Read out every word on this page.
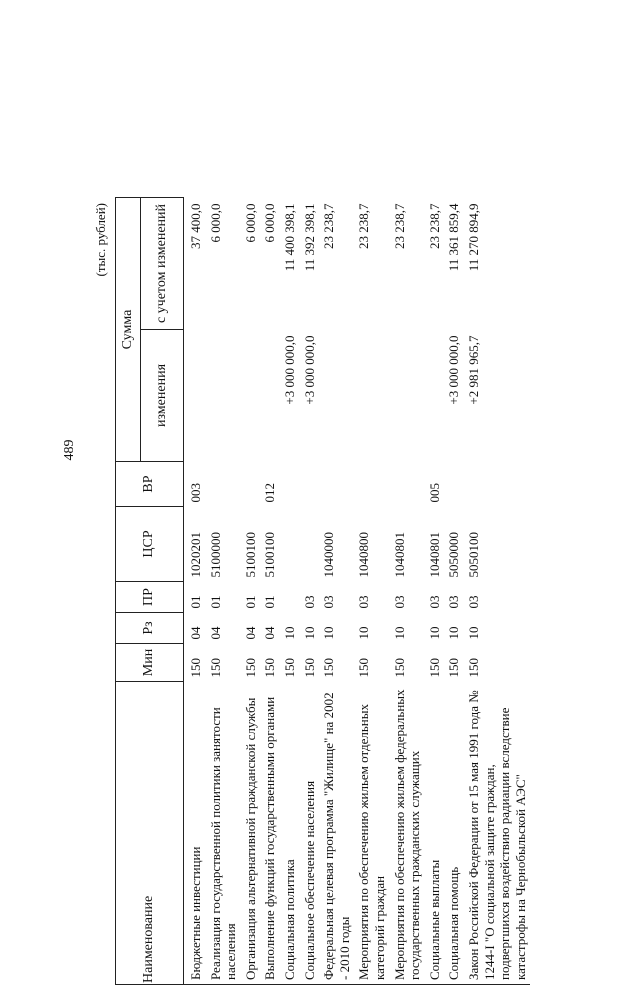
489
(тыс. рублей)
Наименование	Мин	Рз	ПР	ЦСР	ВР	Сумма	
						изменения	с учетом изменений
Бюджетные инвестиции	150	04	01	1020201	003		37 400,0
Реализация государственной политики занятости населения	150	04	01	5100000			6 000,0
Организация альтернативной гражданской службы	150	04	01	5100100			6 000,0
Выполнение функций государственными органами	150	04	01	5100100	012		6 000,0
Социальная политика	150	10				+3 000 000,0	11 400 398,1
Социальное обеспечение населения	150	10	03			+3 000 000,0	11 392 398,1
Федеральная целевая программа "Жилище" на 2002 - 2010 годы	150	10	03	1040000			23 238,7
Мероприятия по обеспечению жильем отдельных категорий граждан	150	10	03	1040800			23 238,7
Мероприятия по обеспечению жильем федеральных государственных гражданских служащих	150	10	03	1040801			23 238,7
Социальные выплаты	150	10	03	1040801	005		23 238,7
Социальная помощь	150	10	03	5050000		+3 000 000,0	11 361 859,4
Закон Российской Федерации от 15 мая 1991 года № 1244-I "О социальной защите граждан, подвергшихся воздействию радиации вследствие катастрофы на Чернобыльской АЭС"	150	10	03	5050100		+2 981 965,7	11 270 894,9
